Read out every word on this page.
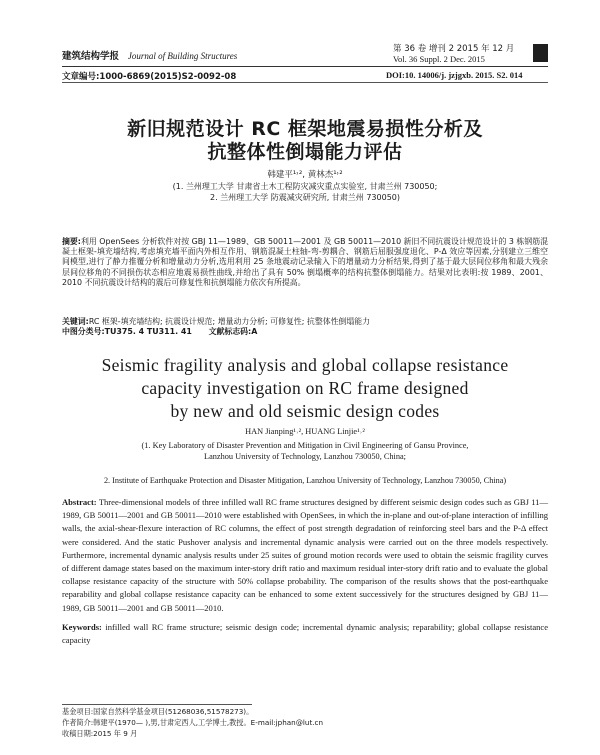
建筑结构学报 Journal of Building Structures
第 36 卷 增刊 2 2015 年 12 月
Vol. 36 Suppl. 2 Dec. 2015
文章编号:1000-6869(2015)S2-0092-08	DOI:10. 14006/j. jzjgxb. 2015. S2. 014
新旧规范设计 RC 框架地震易损性分析及
抗整体性倒塌能力评估
韩建平¹˒², 黄林杰¹˒²
(1. 兰州理工大学 甘肃省土木工程防灾减灾重点实验室, 甘肃兰州 730050;
2. 兰州理工大学 防震减灾研究所, 甘肃兰州 730050)
摘要:利用 OpenSees 分析软件对按 GBJ 11—1989、GB 50011—2001 及 GB 50011—2010 新旧不同抗震设计规范设计的 3 栋钢筋混凝土框架-填充墙结构,考虑填充墙平面内外相互作用、钢筋混凝土柱轴-弯-剪耦合、钢筋后屈服强度退化、P-Δ 效应等因素,分别建立三维空间模型,进行了静力推覆分析和增量动力分析,选用利用 25 条地震动记录输入下的增量动力分析结果,得到了基于最大层间位移角和最大残余层间位移角的不同损伤状态相应地震易损性曲线,并给出了具有 50% 倒塌概率的结构抗整体倒塌能力。结果对比表明:按 1989、2001、2010 不同抗震设计结构的震后可修复性和抗倒塌能力依次有所提高。
关键词:RC 框架-填充墙结构; 抗震设计规范; 增量动力分析; 可修复性; 抗整体性倒塌能力
中图分类号:TU375. 4 TU311. 41 文献标志码:A
Seismic fragility analysis and global collapse resistance
capacity investigation on RC frame designed
by new and old seismic design codes
HAN Jianping¹˒², HUANG Linjie¹˒²
(1. Key Laboratory of Disaster Prevention and Mitigation in Civil Engineering of Gansu Province,
Lanzhou University of Technology, Lanzhou 730050, China;
2. Institute of Earthquake Protection and Disaster Mitigation, Lanzhou University of Technology, Lanzhou 730050, China)
Abstract: Three-dimensional models of three infilled wall RC frame structures designed by different seismic design codes such as GBJ 11—1989, GB 50011—2001 and GB 50011—2010 were established with OpenSees, in which the in-plane and out-of-plane interaction of infilling walls, the axial-shear-flexure interaction of RC columns, the effect of post strength degradation of reinforcing steel bars and the P-Δ effect were considered. And the static Pushover analysis and incremental dynamic analysis were carried out on the three models respectively. Furthermore, incremental dynamic analysis results under 25 suites of ground motion records were used to obtain the seismic fragility curves of different damage states based on the maximum inter-story drift ratio and maximum residual inter-story drift ratio and to evaluate the global collapse resistance capacity of the structure with 50% collapse probability. The comparison of the results shows that the post-earthquake reparability and global collapse resistance capacity can be enhanced to some extent successively for the structures designed by GBJ 11—1989, GB 50011—2001 and GB 50011—2010.
Keywords: infilled wall RC frame structure; seismic design code; incremental dynamic analysis; reparability; global collapse resistance capacity
基金项目:国家自然科学基金项目(51268036,51578273)。
作者简介:韩建平(1970— ),男,甘肃定西人,工学博士,教授。E-mail:jphan@lut.cn
收稿日期:2015 年 9 月
